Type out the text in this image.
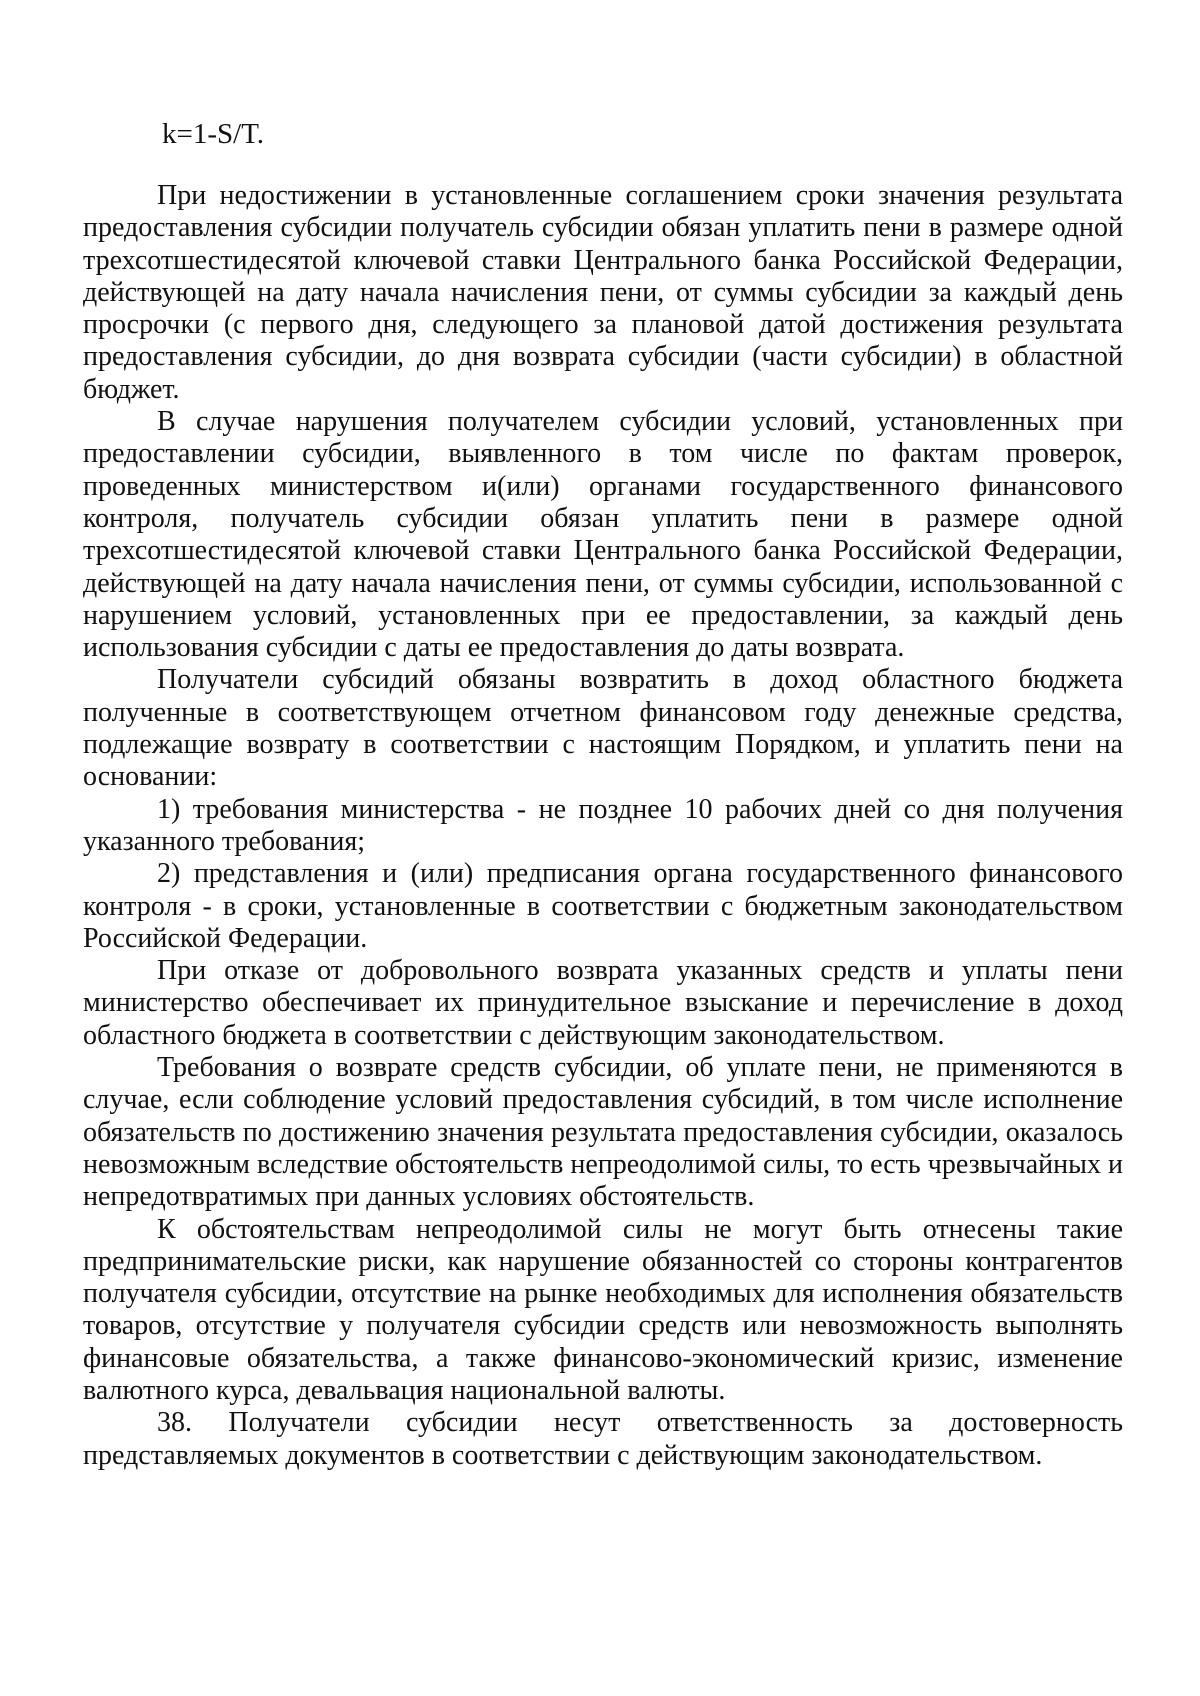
k=1-S/T.

При недостижении в установленные соглашением сроки значения результата предоставления субсидии получатель субсидии обязан уплатить пени в размере одной трехсотшестидесятой ключевой ставки Центрального банка Российской Федерации, действующей на дату начала начисления пени, от суммы субсидии за каждый день просрочки (с первого дня, следующего за плановой датой достижения результата предоставления субсидии, до дня возврата субсидии (части субсидии) в областной бюджет.

В случае нарушения получателем субсидии условий, установленных при предоставлении субсидии, выявленного в том числе по фактам проверок, проведенных министерством и(или) органами государственного финансового контроля, получатель субсидии обязан уплатить пени в размере одной трехсотшестидесятой ключевой ставки Центрального банка Российской Федерации, действующей на дату начала начисления пени, от суммы субсидии, использованной с нарушением условий, установленных при ее предоставлении, за каждый день использования субсидии с даты ее предоставления до даты возврата.

Получатели субсидий обязаны возвратить в доход областного бюджета полученные в соответствующем отчетном финансовом году денежные средства, подлежащие возврату в соответствии с настоящим Порядком, и уплатить пени на основании:

1) требования министерства - не позднее 10 рабочих дней со дня получения указанного требования;

2) представления и (или) предписания органа государственного финансового контроля - в сроки, установленные в соответствии с бюджетным законодательством Российской Федерации.

При отказе от добровольного возврата указанных средств и уплаты пени министерство обеспечивает их принудительное взыскание и перечисление в доход областного бюджета в соответствии с действующим законодательством.

Требования о возврате средств субсидии, об уплате пени, не применяются в случае, если соблюдение условий предоставления субсидий, в том числе исполнение обязательств по достижению значения результата предоставления субсидии, оказалось невозможным вследствие обстоятельств непреодолимой силы, то есть чрезвычайных и непредотвратимых при данных условиях обстоятельств.

К обстоятельствам непреодолимой силы не могут быть отнесены такие предпринимательские риски, как нарушение обязанностей со стороны контрагентов получателя субсидии, отсутствие на рынке необходимых для исполнения обязательств товаров, отсутствие у получателя субсидии средств или невозможность выполнять финансовые обязательства, а также финансово-экономический кризис, изменение валютного курса, девальвация национальной валюты.

38. Получатели субсидии несут ответственность за достоверность представляемых документов в соответствии с действующим законодательством.
